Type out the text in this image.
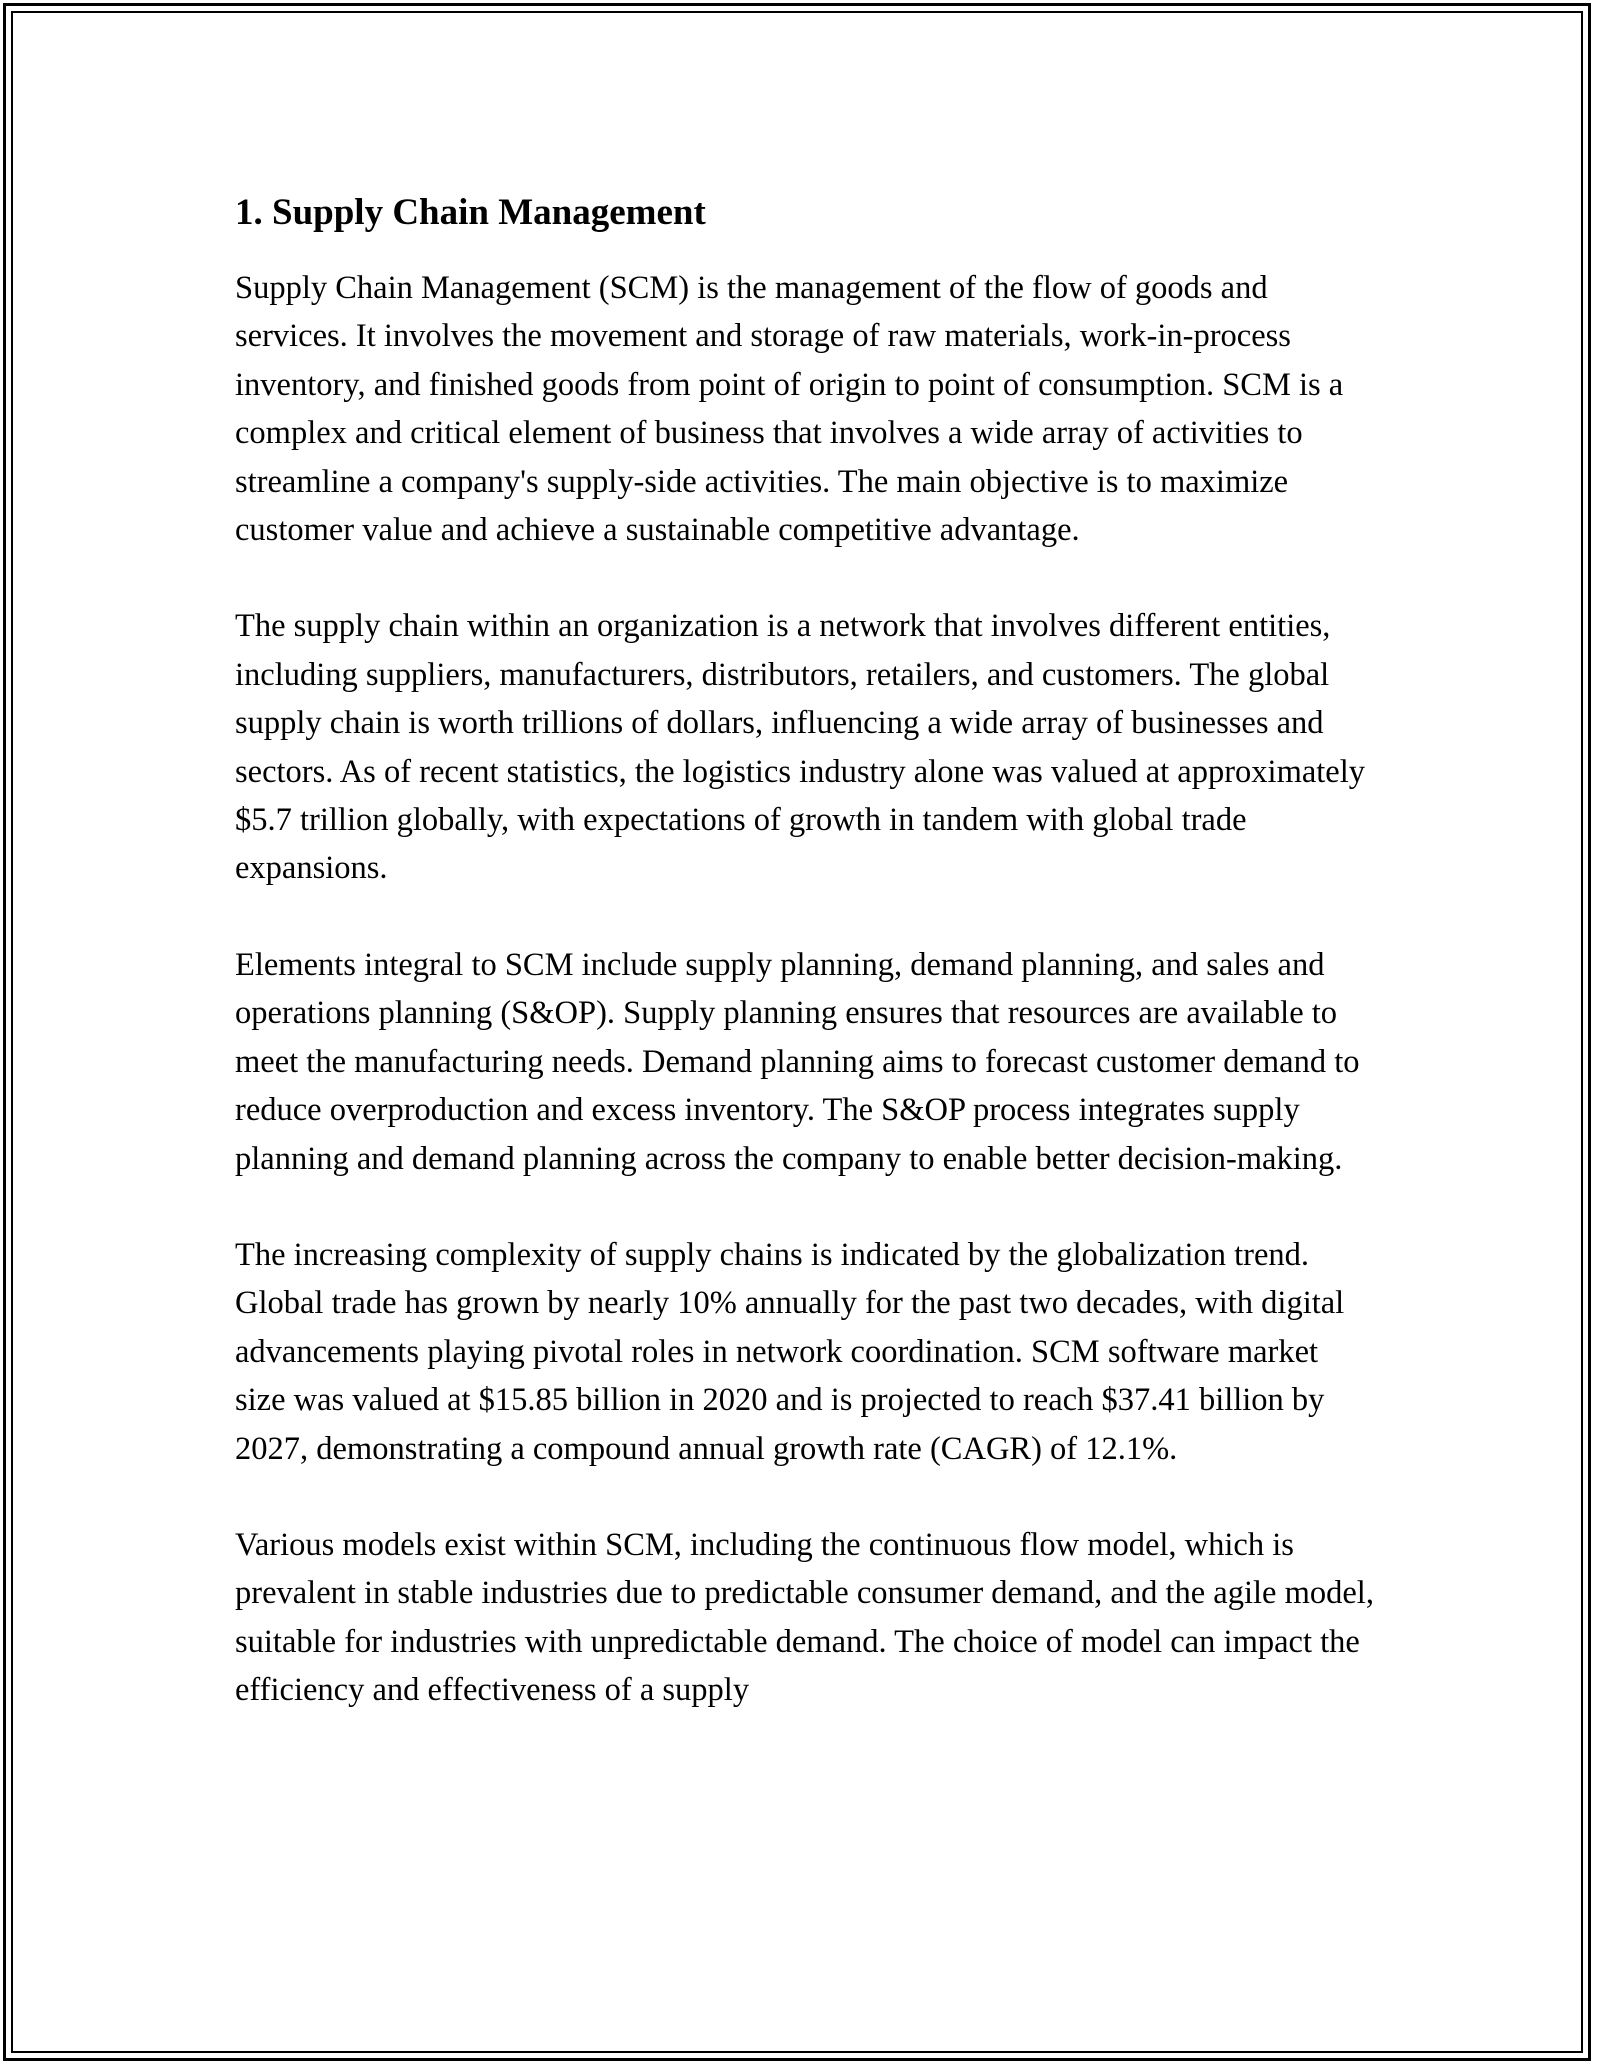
1. Supply Chain Management

Supply Chain Management (SCM) is the management of the flow of goods and services. It involves the movement and storage of raw materials, work-in-process inventory, and finished goods from point of origin to point of consumption. SCM is a complex and critical element of business that involves a wide array of activities to streamline a company's supply-side activities. The main objective is to maximize customer value and achieve a sustainable competitive advantage.

The supply chain within an organization is a network that involves different entities, including suppliers, manufacturers, distributors, retailers, and customers. The global supply chain is worth trillions of dollars, influencing a wide array of businesses and sectors. As of recent statistics, the logistics industry alone was valued at approximately $5.7 trillion globally, with expectations of growth in tandem with global trade expansions.

Elements integral to SCM include supply planning, demand planning, and sales and operations planning (S&OP). Supply planning ensures that resources are available to meet the manufacturing needs. Demand planning aims to forecast customer demand to reduce overproduction and excess inventory. The S&OP process integrates supply planning and demand planning across the company to enable better decision-making.

The increasing complexity of supply chains is indicated by the globalization trend. Global trade has grown by nearly 10% annually for the past two decades, with digital advancements playing pivotal roles in network coordination. SCM software market size was valued at $15.85 billion in 2020 and is projected to reach $37.41 billion by 2027, demonstrating a compound annual growth rate (CAGR) of 12.1%.

Various models exist within SCM, including the continuous flow model, which is prevalent in stable industries due to predictable consumer demand, and the agile model, suitable for industries with unpredictable demand. The choice of model can impact the efficiency and effectiveness of a supply
